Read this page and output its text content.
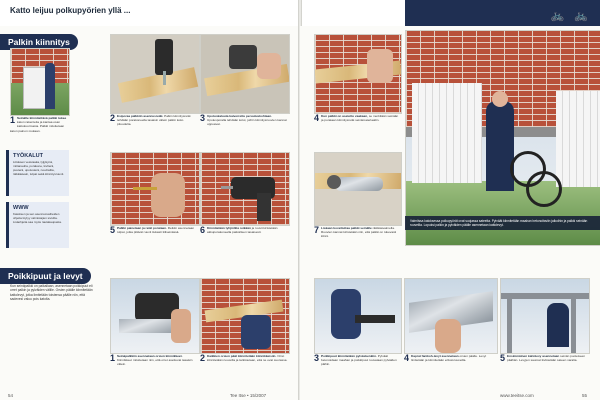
Katto leijuu polkupyörien yllä ...	🚲 🚲
Palkin kiinnitys
1 Seinälle kiinnitettävä palkki tukee katon rakenteita ja kantaa osan kattokuormasta. Palkki mitoitetaan katon painon mukaan.
2 Esiporaa palkkiin asennusreiät. Palkin kiinnitysreiät tehdään porakoneella tasaisin välein palkin koko pituudelta.
3 Upotuskaluuta kaiverrettu peruutuskohtaan. Upotusporalla tehdään kolot, joihin kiinnitysruuvien kannat uppoavat.
TYÖKALUT
Liitoksen vesivaaka, lyijykynä, mittanauha, porakone, kiviterä, puuterä, upotusterä, ruuvitaltta, räikkäavain, tulpat sekä kiinnitysruuvit.
WWW
Katoksen ja sen asennusvaiheiden ohjeita löytyy valmistajien sivuilta. Lisäohjeita saa myös rautakaupasta.
5 Palkki painetaan ja reiät porataan. Reikiin asennetaan tulpat, jotka pitävät ruuvit tiukasti tiiliseinässä.	6 Kiinnitetään tyhjiöliite reikään ja ruuvit kiristetään akkuporakoneella paikoilleen tasaisesti.
Poikkipuut ja levyt
Kun seinäpalkki on paikallaan, asennetaan poikkipuut eli orret palkin ja pylväiden välille. Orsien päälle kiinnitetään kattolevyt, jotka limitetään toistensa päälle niin, että sadevesi valuu pois katolta.
1 Seinäpalkkiin asennetaan orsien kiinnikkeet. Kiinnikkeet mitoitetaan niin, että orret asettuvat tasaisin välein.
2 Kaikkien orsien päät kiinnitetään kiinnikkeisiin. Orret kiinnitetään ruuveilla ja tarkistetaan, että ne ovat suorassa.
54	Tee Itse • 15/2007
4 Kun palkki on asetettu vaakaan, se merkitään seinään ja porataan kiinnitysreiät seinämateriaaliin.
7 Lisäaan kovettuttaa palkki seinälle räikkäavaimella. Ruuvien kannat kiristetään niin, että palkki on tukevasti kiinni.
Valmiissa katoksessa polkupyörät ovat suojassa sateelta. Pylväät kiinnitetään maahan betonoitaviin jalkoihin ja palkki seinään ruuveilla. Lopuksi palkin ja pylväiden päälle asennetaan kattolevyt.
3 Poikkipuut kiinnitetään pylväskenkiin. Pylväät betonoidaan maahan ja poikkipuut ruuvataan pylväiden päihin.
4 Kaprat fanikoh-levyt asennetaan orsien päälle. Levyt limitetään ja kiinnitetään erikoisruuveilla.	5 Ensimmäinen kattolevy asennetaan seinän puoleiseen päähän. Levyjen saumat tiivistetään sateen varalta.
www.teeitse.com	55
